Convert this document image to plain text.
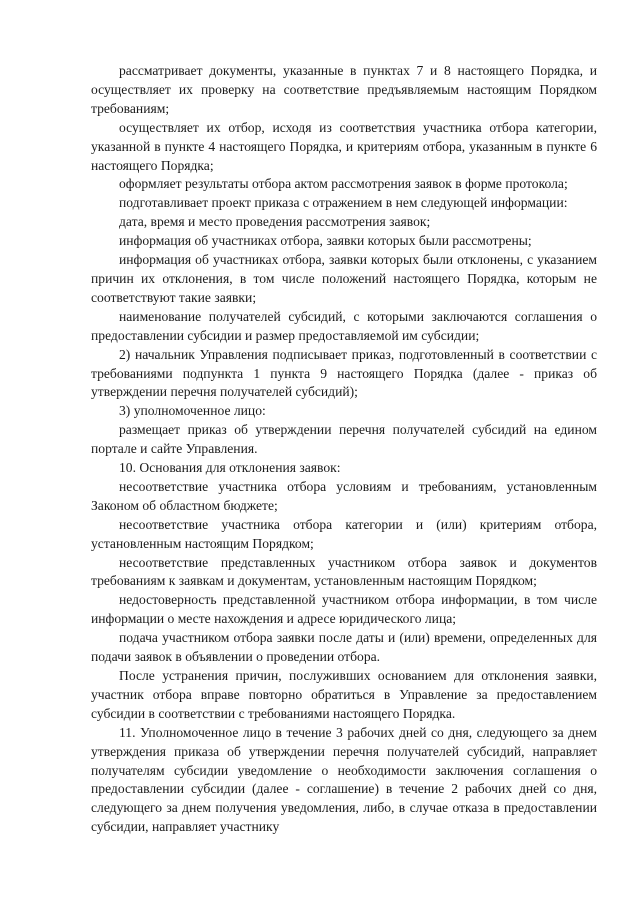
рассматривает документы, указанные в пунктах 7 и 8 настоящего Порядка, и осуществляет их проверку на соответствие предъявляемым настоящим Порядком требованиям;

осуществляет их отбор, исходя из соответствия участника отбора категории, указанной в пункте 4 настоящего Порядка, и критериям отбора, указанным в пункте 6 настоящего Порядка;

оформляет результаты отбора актом рассмотрения заявок в форме протокола;

подготавливает проект приказа с отражением в нем следующей информации:

дата, время и место проведения рассмотрения заявок;

информация об участниках отбора, заявки которых были рассмотрены;

информация об участниках отбора, заявки которых были отклонены, с указанием причин их отклонения, в том числе положений настоящего Порядка, которым не соответствуют такие заявки;

наименование получателей субсидий, с которыми заключаются соглашения о предоставлении субсидии и размер предоставляемой им субсидии;

2) начальник Управления подписывает приказ, подготовленный в соответствии с требованиями подпункта 1 пункта 9 настоящего Порядка (далее - приказ об утверждении перечня получателей субсидий);

3) уполномоченное лицо:

размещает приказ об утверждении перечня получателей субсидий на едином портале и сайте Управления.

10. Основания для отклонения заявок:

несоответствие участника отбора условиям и требованиям, установленным Законом об областном бюджете;

несоответствие участника отбора категории и (или) критериям отбора, установленным настоящим Порядком;

несоответствие представленных участником отбора заявок и документов требованиям к заявкам и документам, установленным настоящим Порядком;

недостоверность представленной участником отбора информации, в том числе информации о месте нахождения и адресе юридического лица;

подача участником отбора заявки после даты и (или) времени, определенных для подачи заявок в объявлении о проведении отбора.

После устранения причин, послуживших основанием для отклонения заявки, участник отбора вправе повторно обратиться в Управление за предоставлением субсидии в соответствии с требованиями настоящего Порядка.

11. Уполномоченное лицо в течение 3 рабочих дней со дня, следующего за днем утверждения приказа об утверждении перечня получателей субсидий, направляет получателям субсидии уведомление о необходимости заключения соглашения о предоставлении субсидии (далее - соглашение) в течение 2 рабочих дней со дня, следующего за днем получения уведомления, либо, в случае отказа в предоставлении субсидии, направляет участнику
